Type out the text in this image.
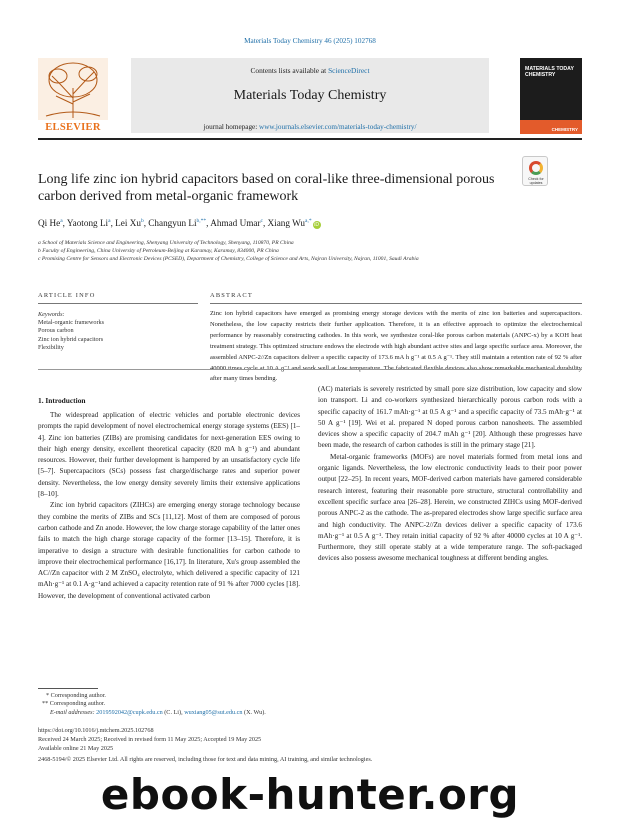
Materials Today Chemistry 46 (2025) 102768
ELSEVIER
Contents lists available at ScienceDirect
Materials Today Chemistry
journal homepage: www.journals.elsevier.com/materials-today-chemistry/
MATERIALS TODAY CHEMISTRY
CHEMISTRY
Long life zinc ion hybrid capacitors based on coral-like three-dimensional porous carbon derived from metal-organic framework
Check for updates
Qi He$^a$, Yaotong Li$^a$, Lei Xu$^b$, Changyun $Li^{b,**}$, Ahmad Umar$^c$, Xiang $Wu^{a,*}iD$
a School of Materials Science and Engineering, Shenyang University of Technology, Shenyang, 110870, PR China
b Faculty of Engineering, China University of Petroleum-Beijing at Karamay, Karamay, 834000, PR China
c Promising Centre for Sensors and Electronic Devices (PCSED), Department of Chemistry, College of Science and Arts, Najran University, Najran, 11001, Saudi Arabia
ARTICLE INFO
Keywords:
Metal-organic frameworks
Porous carbon
Zinc ion hybrid capacitors
Flexibility
ABSTRACT
Zinc ion hybrid capacitors have emerged as promising energy storage devices with the merits of zinc ion batteries and supercapacitors. Nonetheless, the low capacity restricts their further application. Therefore, it is an effective approach to optimize the electrochemical performance by reasonably constructing cathodes. In this work, we synthesize coral-like porous carbon materials (ANPC-x) by a KOH heat treatment strategy. This optimized structure endows the electrode with high abundant active sites and large specific surface area. Moreover, the assembled ANPC-2//Zn capacitors deliver a specific capacity of 173.6 mA h g⁻¹ at 0.5 A g⁻¹. They still maintain a retention rate of 92 % after after many times bending.
1. Introduction

The widespread application of electric vehicles and portable electronic devices prompts the rapid development of novel electrochemical energy storage systems (EES) [1–4]. Zinc ion batteries (ZIBs) are promising candidates for next-generation EES owing to their high energy density, excellent theoretical capacity (820 mA h g⁻¹) and abundant resources. However, their further development is hampered by an unsatisfactory cycle life [5–7]. Supercapacitors (SCs) possess fast charge/discharge rates and superior power density. Nevertheless, the low energy density severely limits their extensive applications [8–10].

Zinc ion hybrid capacitors (ZIHCs) are emerging energy storage technology because they combine the merits of ZIBs and SCs [11,12]. Most of them are composed of porous carbon cathode and Zn anode. However, the low charge storage capability of the latter ones fails to match the high charge storage capacity of the former [13–15]. Therefore, it is imperative to design a structure with desirable functionalities for carbon cathode to improve their electrochemical performance [16,17]. In literature, Xu's group assembled the AC//Zn capacitor with 2 M ZnSO₄ electrolyte, which delivered a specific capacity of 121 mAh·g⁻¹ at 0.1 A·g⁻¹and achieved a capacity retention rate of 91 % after 7000 cycles [18]. However, the development of conventional activated carbon

(AC) materials is severely restricted by small pore size distribution, low capacity and slow ion transport. Li and co-workers synthesized hierarchically porous carbon rods with a specific capacity of 161.7 mAh·g⁻¹ at 0.5 A g⁻¹ and a specific capacity of 73.5 mAh·g⁻¹ at 50 A g⁻¹ [19]. Wei et al. prepared N doped porous carbon nanosheets. The assembled devices show a specific capacity of 204.7 mAh g⁻¹ [20]. Although these progresses have been made, the research of carbon cathodes is still in the primary stage [21].

Metal-organic frameworks (MOFs) are novel materials formed from metal ions and organic ligands. Nevertheless, the low electronic conductivity leads to their poor power output [22–25]. In recent years, MOF-derived carbon materials have garnered considerable research interest, featuring their reasonable pore structure, structural controllability and excellent specific surface area [26–28]. Herein, we constructed ZIHCs using MOF-derived porous ANPC-2 as the cathode. The as-prepared electrodes show large specific surface area and high conductivity. The ANPC-2//Zn devices deliver a specific capacity of 173.6 mAh·g⁻¹ at 0.5 A g⁻¹. They retain initial capacity of 92 % after 40000 cycles at 10 A g⁻¹. Furthermore, they still operate stably at a wide temperature range. The soft-packaged devices also possess awesome mechanical toughness at different bending angles.

* Corresponding author.
** Corresponding author.
E-mail addresses: 2019592042@cupk.edu.cn (C. Li), wuxiang05@sut.edu.cn (X. Wu).
https://doi.org/10.1016/j.mtchem.2025.102768
Received 24 March 2025; Received in revised form 11 May 2025; Accepted 19 May 2025
Available online 21 May 2025
2468-5194/© 2025 Elsevier Ltd. All rights are reserved, including those for text and data mining, AI training, and similar technologies.
ebook-hunter.org
